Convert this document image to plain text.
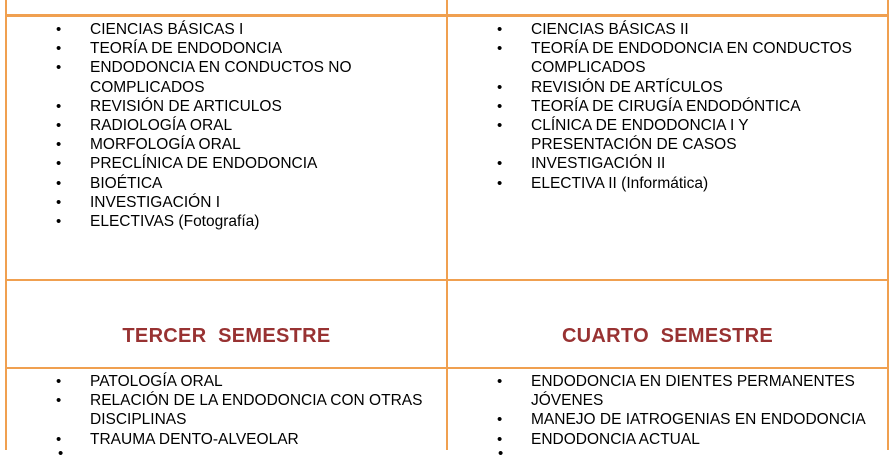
• CIENCIAS BÁSICAS I
• TEORÍA DE ENDODONCIA
• ENDODONCIA EN CONDUCTOS NO
COMPLICADOS
• REVISIÓN DE ARTICULOS
• RADIOLOGÍA ORAL
• MORFOLOGÍA ORAL
• PRECLÍNICA DE ENDODONCIA
• BIOÉTICA
• INVESTIGACIÓN I
• ELECTIVAS (Fotografía)
• CIENCIAS BÁSICAS II
• TEORÍA DE ENDODONCIA EN CONDUCTOS
COMPLICADOS
• REVISIÓN DE ARTÍCULOS
• TEORÍA DE CIRUGÍA ENDODÓNTICA
• CLÍNICA DE ENDODONCIA I Y
PRESENTACIÓN DE CASOS
• INVESTIGACIÓN II
• ELECTIVA II (Informática)
TERCER  SEMESTRE	CUARTO  SEMESTRE
• PATOLOGÍA ORAL
• RELACIÓN DE LA ENDODONCIA CON OTRAS
DISCIPLINAS
• TRAUMA DENTO-ALVEOLAR
• ENDODONCIA EN DIENTES PERMANENTES
JÓVENES
• MANEJO DE IATROGENIAS EN ENDODONCIA
• ENDODONCIA ACTUAL
•	•
